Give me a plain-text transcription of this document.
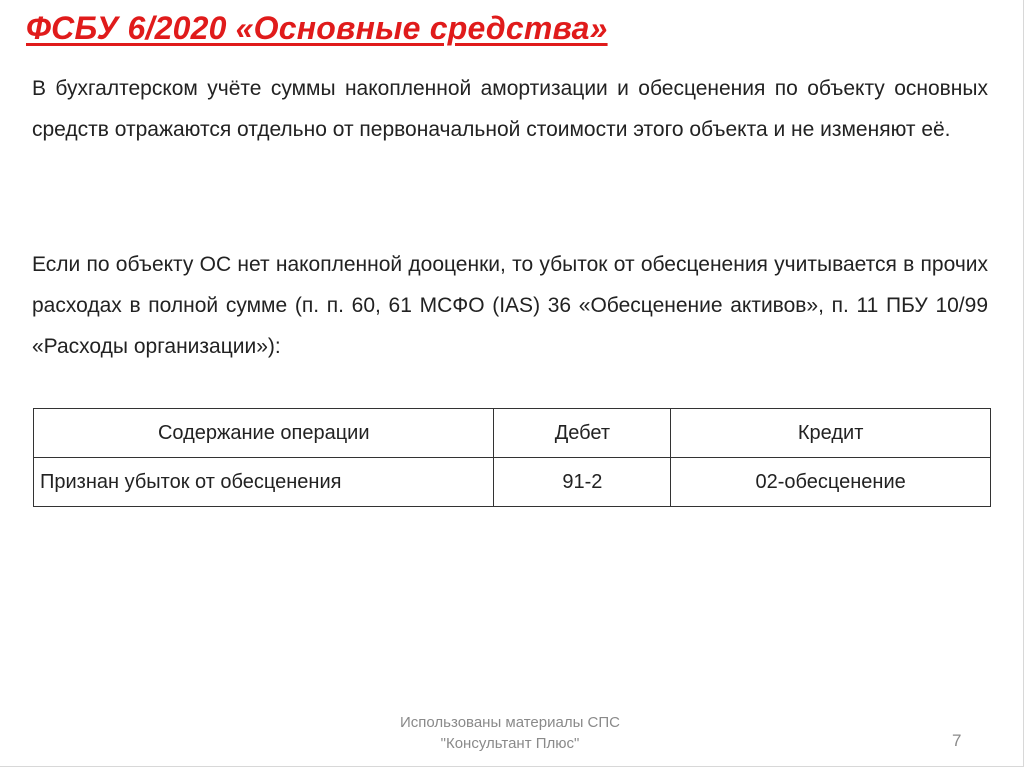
ФСБУ 6/2020 «Основные средства»

В бухгалтерском учёте суммы накопленной амортизации и обесценения по объекту основных средств отражаются отдельно от первоначальной стоимости этого объекта и не изменяют её.

Если по объекту ОС нет накопленной дооценки, то убыток от обесценения учитывается в прочих расходах в полной сумме (п. п. 60, 61 МСФО (IAS) 36 «Обесценение активов», п. 11 ПБУ 10/99 «Расходы организации»):

Содержание операции	Дебет	Кредит
Признан убыток от обесценения	91-2	02-обесценение
Использованы материалы СПС
"Консультант Плюс"	7
